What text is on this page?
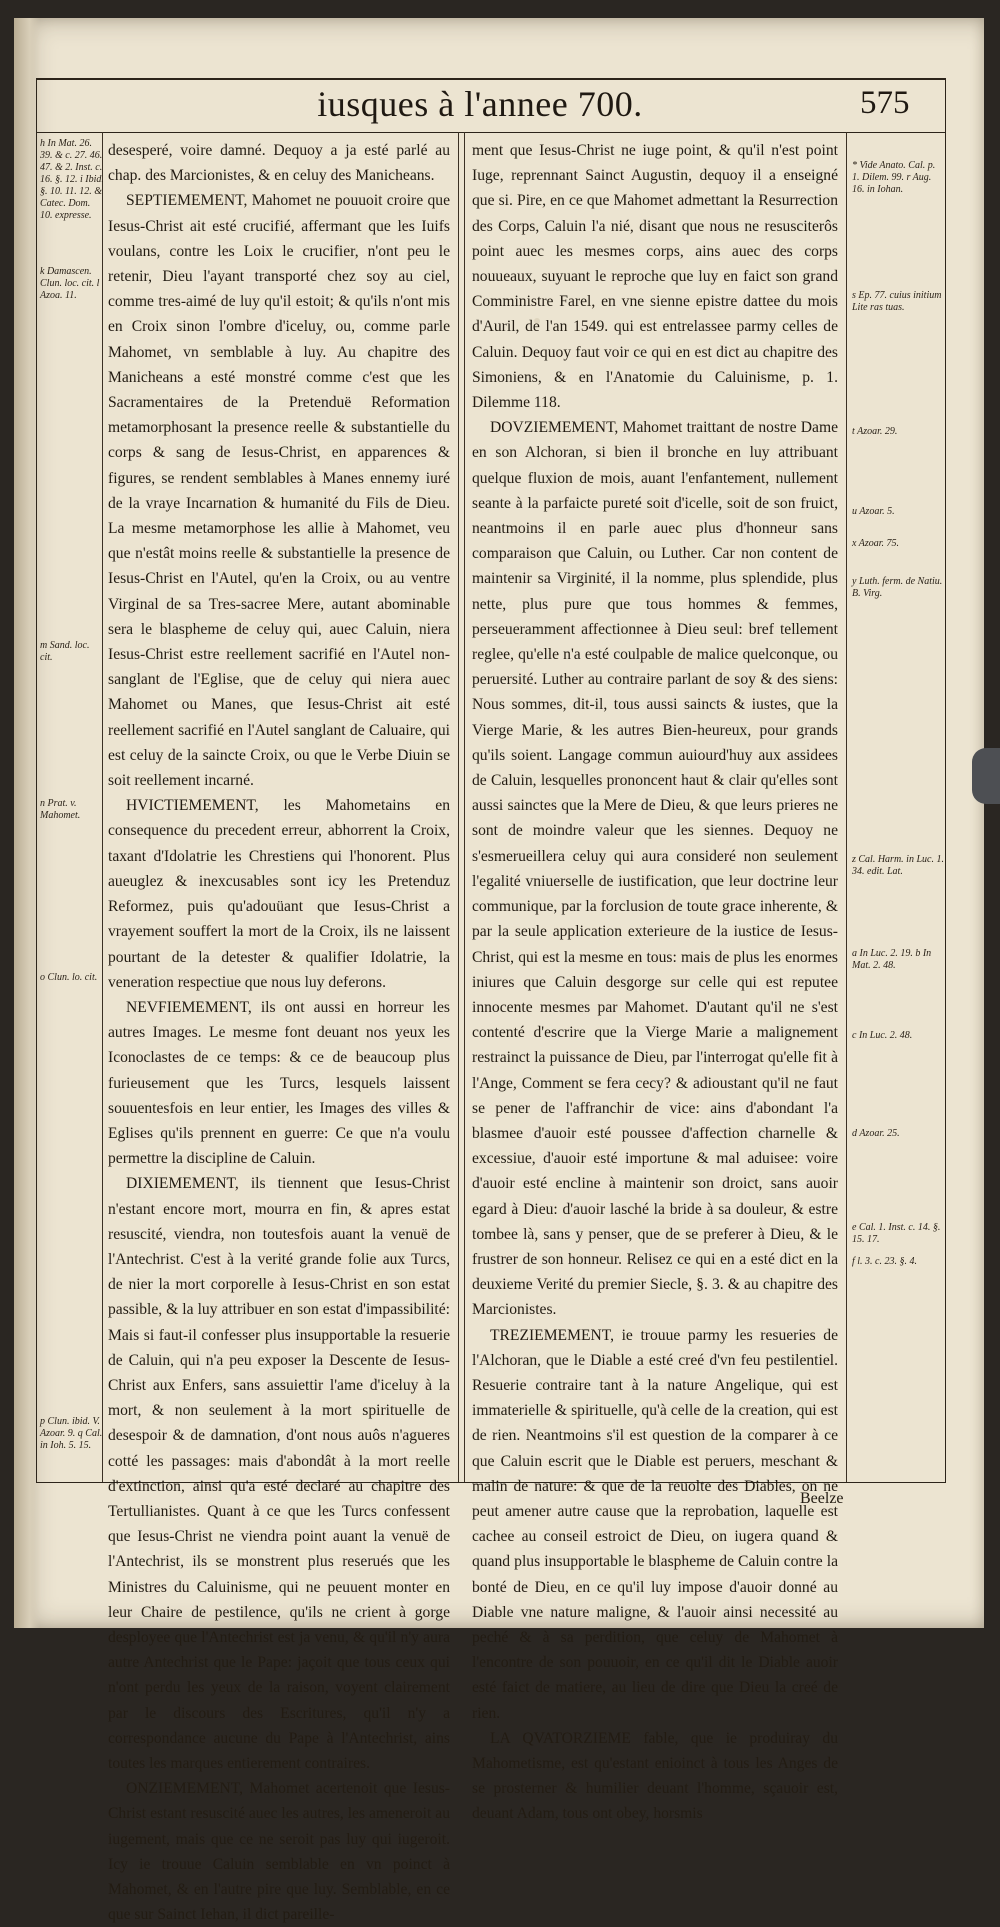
iusques à l'annee 700.	575

desesperé, voire damné. Dequoy a ja esté parlé au chap. des Marcionistes, & en celuy des Manicheans.

SEPTIEMEMENT, Mahomet ne pouuoit croire que Iesus-Christ ait esté crucifié, affermant que les Iuifs voulans, contre les Loix le crucifier, n'ont peu le retenir, Dieu l'ayant transporté chez soy au ciel, comme tres-aimé de luy qu'il estoit; & qu'ils n'ont mis en Croix sinon l'ombre d'iceluy, ou, comme parle Mahomet, vn semblable à luy. Au chapitre des Manicheans a esté monstré comme c'est que les Sacramentaires de la Pretenduë Reformation metamorphosant la presence reelle & substantielle du corps & sang de Iesus-Christ, en apparences & figures, se rendent semblables à Manes ennemy iuré de la vraye Incarnation & humanité du Fils de Dieu. La mesme metamorphose les allie à Mahomet, veu que n'estât moins reelle & substantielle la presence de Iesus-Christ en l'Autel, qu'en la Croix, ou au ventre Virginal de sa Tres-sacree Mere, autant abominable sera le blaspheme de celuy qui, auec Caluin, niera Iesus-Christ estre reellement sacrifié en l'Autel non-sanglant de l'Eglise, que de celuy qui niera auec Mahomet ou Manes, que Iesus-Christ ait esté reellement sacrifié en l'Autel sanglant de Caluaire, qui est celuy de la saincte Croix, ou que le Verbe Diuin se soit reellement incarné.

HVICTIEMEMENT, les Mahometains en consequence du precedent erreur, abhorrent la Croix, taxant d'Idolatrie les Chrestiens qui l'honorent. Plus aueuglez & inexcusables sont icy les Pretenduz Reformez, puis qu'adouüant que Iesus-Christ a vrayement souffert la mort de la Croix, ils ne laissent pourtant de la detester & qualifier Idolatrie, la veneration respectiue que nous luy deferons.

NEVFIEMEMENT, ils ont aussi en horreur les autres Images. Le mesme font deuant nos yeux les Iconoclastes de ce temps: & ce de beaucoup plus furieusement que les Turcs, lesquels laissent souuentesfois en leur entier, les Images des villes & Eglises qu'ils prennent en guerre: Ce que n'a voulu permettre la discipline de Caluin.

DIXIEMEMENT, ils tiennent que Iesus-Christ n'estant encore mort, mourra en fin, & apres estat resuscité, viendra, non toutesfois auant la venuë de l'Antechrist. C'est à la verité grande folie aux Turcs, de nier la mort corporelle à Iesus-Christ en son estat passible, & la luy attribuer en son estat d'impassibilité: Mais si faut-il confesser plus insupportable la resuerie de Caluin, qui n'a peu exposer la Descente de Iesus-Christ aux Enfers, sans assuiettir l'ame d'iceluy à la mort, & non seulement à la mort spirituelle de desespoir & de damnation, d'ont nous auôs n'agueres cotté les passages: mais d'abondât à la mort reelle d'extinction, ainsi qu'a esté declaré au chapitre des Tertullianistes. Quant à ce que les Turcs confessent que Iesus-Christ ne viendra point auant la venuë de l'Antechrist, ils se monstrent plus reserués que les Ministres du Caluinisme, qui ne peuuent monter en leur Chaire de pestilence, qu'ils ne crient à gorge desployee que l'Antechrist est ja venu, & qu'il n'y aura autre Antechrist que le Pape: jaçoit que tous ceux qui n'ont perdu les yeux de la raison, voyent clairement par le discours des Escritures, qu'il n'y a correspondance aucune du Pape à l'Antechrist, ains toutes les marques entierement contraires.

ONZIEMEMENT, Mahomet acertenoit que Iesus-Christ estant resuscité auec les autres, les ameneroit au iugement, mais que ce ne seroit pas luy qui iugeroit. Icy ie trouue Caluin semblable en vn poinct à Mahomet, & en l'autre pire que luy. Semblable, en ce que sur Sainct Iehan, il dict pareille-

ment que Iesus-Christ ne iuge point, & qu'il n'est point Iuge, reprennant Sainct Augustin, dequoy il a enseigné que si. Pire, en ce que Mahomet admettant la Resurrection des Corps, Caluin l'a nié, disant que nous ne resusciterôs point auec les mesmes corps, ains auec des corps nouueaux, suyuant le reproche que luy en faict son grand Comministre Farel, en vne sienne epistre dattee du mois d'Auril, de l'an 1549. qui est entrelassee parmy celles de Caluin. Dequoy faut voir ce qui en est dict au chapitre des Simoniens, & en l'Anatomie du Caluinisme, p. 1. Dilemme 118.

DOVZIEMEMENT, Mahomet traittant de nostre Dame en son Alchoran, si bien il bronche en luy attribuant quelque fluxion de mois, auant l'enfantement, nullement seante à la parfaicte pureté soit d'icelle, soit de son fruict, neantmoins il en parle auec plus d'honneur sans comparaison que Caluin, ou Luther. Car non content de maintenir sa Virginité, il la nomme, plus splendide, plus nette, plus pure que tous hommes & femmes, perseueramment affectionnee à Dieu seul: bref tellement reglee, qu'elle n'a esté coulpable de malice quelconque, ou peruersité. Luther au contraire parlant de soy & des siens: Nous sommes, dit-il, tous aussi saincts & iustes, que la Vierge Marie, & les autres Bien-heureux, pour grands qu'ils soient. Langage commun auiourd'huy aux assidees de Caluin, lesquelles prononcent haut & clair qu'elles sont aussi sainctes que la Mere de Dieu, & que leurs prieres ne sont de moindre valeur que les siennes. Dequoy ne s'esmerueillera celuy qui aura consideré non seulement l'egalité vniuerselle de iustification, que leur doctrine leur communique, par la forclusion de toute grace inherente, & par la seule application exterieure de la iustice de Iesus-Christ, qui est la mesme en tous: mais de plus les enormes iniures que Caluin desgorge sur celle qui est reputee innocente mesmes par Mahomet. D'autant qu'il ne s'est contenté d'escrire que la Vierge Marie a malignement restrainct la puissance de Dieu, par l'interrogat qu'elle fit à l'Ange, Comment se fera cecy? & adioustant qu'il ne faut se pener de l'affranchir de vice: ains d'abondant l'a blasmee d'auoir esté poussee d'affection charnelle & excessiue, d'auoir esté importune & mal aduisee: voire d'auoir esté encline à maintenir son droict, sans auoir egard à Dieu: d'auoir lasché la bride à sa douleur, & estre tombee là, sans y penser, que de se preferer à Dieu, & le frustrer de son honneur. Relisez ce qui en a esté dict en la deuxieme Verité du premier Siecle, §. 3. & au chapitre des Marcionistes.

TREZIEMEMENT, ie trouue parmy les resueries de l'Alchoran, que le Diable a esté creé d'vn feu pestilentiel. Resuerie contraire tant à la nature Angelique, qui est immaterielle & spirituelle, qu'à celle de la creation, qui est de rien. Neantmoins s'il est question de la comparer à ce que Caluin escrit que le Diable est peruers, meschant & malin de nature: & que de la reuolte des Diables, on ne peut amener autre cause que la reprobation, laquelle est cachee au conseil estroict de Dieu, on iugera quand & quand plus insupportable le blaspheme de Caluin contre la bonté de Dieu, en ce qu'il luy impose d'auoir donné au Diable vne nature maligne, & l'auoir ainsi necessité au peché & à sa perdition, que celuy de Mahomet à l'encontre de son pouuoir, en ce qu'il dit le Diable auoir esté faict de matiere, au lieu de dire que Dieu la creé de rien.

LA QVATORZIEME fable, que ie produiray du Mahometisme, est qu'estant enioinct à tous les Anges de se prosterner & humilier deuant l'homme, sçauoir est, deuant Adam, tous ont obey, horsmis

h In Mat. 26. 39. & c. 27. 46. 47. & 2. Inst. c. 16. §. 12. i Ibid. §. 10. 11. 12. & Catec. Dom. 10. expresse.
k Damascen. Clun. loc. cit. l Azoa. 11.
m Sand. loc. cit.
n Prat. v. Mahomet.
o Clun. lo. cit.
p Clun. ibid. V. Azoar. 9. q Cal. in Ioh. 5. 15.
* Vide Anato. Cal. p. 1. Dilem. 99. r Aug. 16. in Iohan.
s Ep. 77. cuius initium Lite ras tuas.
t Azoar. 29.
u Azoar. 5.
x Azoar. 75.
y Luth. ferm. de Natiu. B. Virg.
z Cal. Harm. in Luc. 1. 34. edit. Lat.
a In Luc. 2. 19. b In Mat. 2. 48.
c In Luc. 2. 48.
d Azoar. 25.
e Cal. 1. Inst. c. 14. §. 15. 17.
f l. 3. c. 23. §. 4.
Beelze
